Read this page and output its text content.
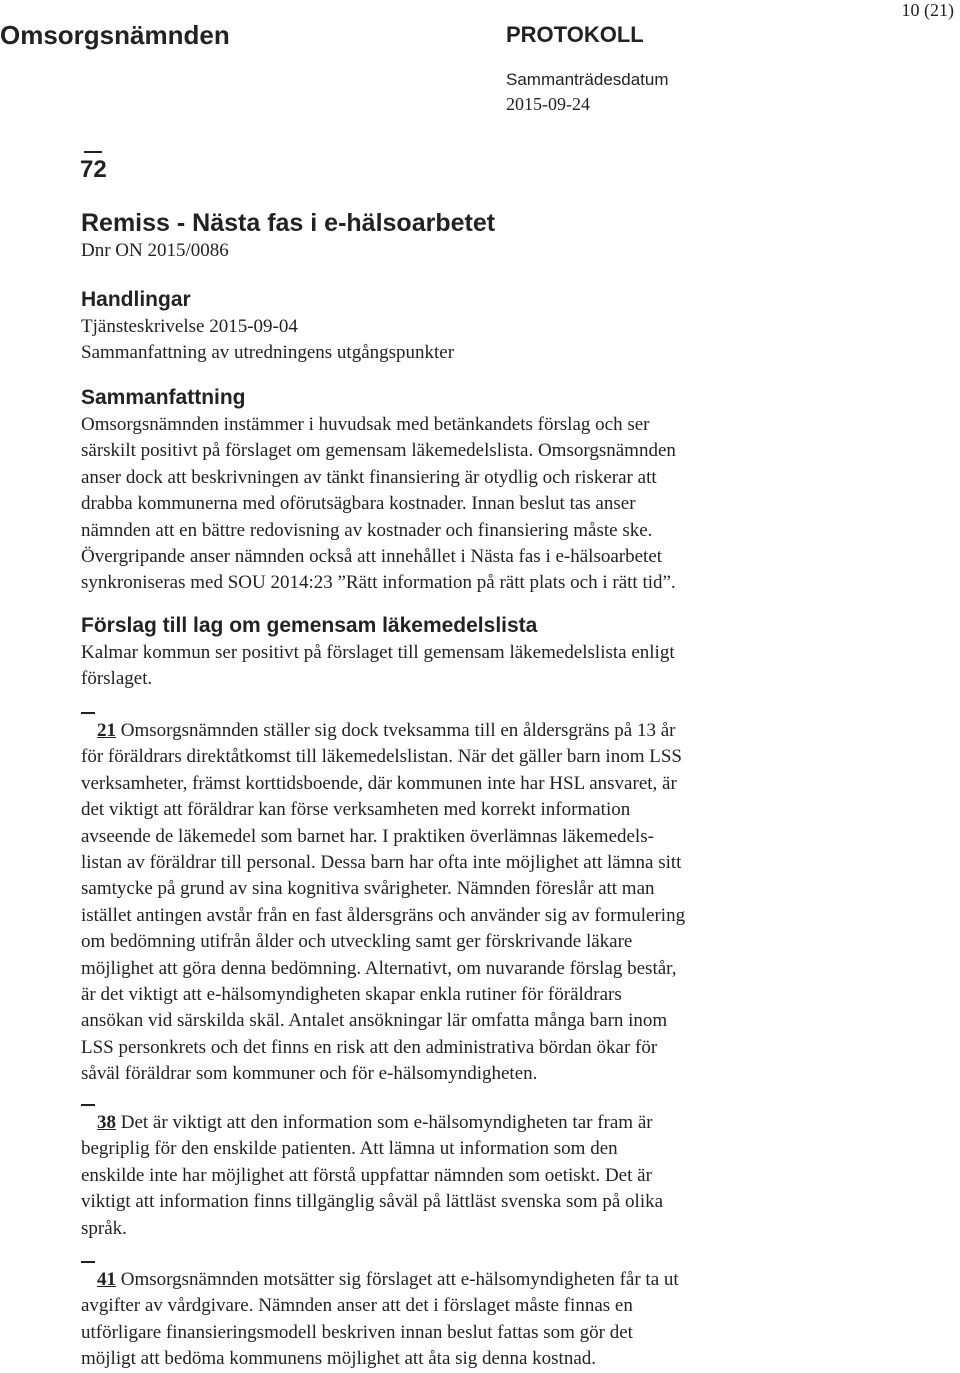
Omsorgsnämnden	PROTOKOLL
Sammanträdesdatum
2015-09-24
10 (21)
72
Remiss - Nästa fas i e-hälsoarbetet
Dnr ON 2015/0086
Handlingar
Tjänsteskrivelse 2015-09-04
Sammanfattning av utredningens utgångspunkter
Sammanfattning
Omsorgsnämnden instämmer i huvudsak med betänkandets förslag och ser
särskilt positivt på förslaget om gemensam läkemedelslista. Omsorgsnämnden
anser dock att beskrivningen av tänkt finansiering är otydlig och riskerar att
drabba kommunerna med oförutsägbara kostnader. Innan beslut tas anser
nämnden att en bättre redovisning av kostnader och finansiering måste ske.
Övergripande anser nämnden också att innehållet i Nästa fas i e-hälsoarbetet
synkroniseras med SOU 2014:23 ”Rätt information på rätt plats och i rätt tid”.
Förslag till lag om gemensam läkemedelslista
Kalmar kommun ser positivt på förslaget till gemensam läkemedelslista enligt
förslaget.
21 Omsorgsnämnden ställer sig dock tveksamma till en åldersgräns på 13 år
för föräldrars direktåtkomst till läkemedelslistan. När det gäller barn inom LSS
verksamheter, främst korttidsboende, där kommunen inte har HSL ansvaret, är
det viktigt att föräldrar kan förse verksamheten med korrekt information
avseende de läkemedel som barnet har. I praktiken överlämnas läkemedels-
listan av föräldrar till personal. Dessa barn har ofta inte möjlighet att lämna sitt
samtycke på grund av sina kognitiva svårigheter. Nämnden föreslår att man
istället antingen avstår från en fast åldersgräns och använder sig av formulering
om bedömning utifrån ålder och utveckling samt ger förskrivande läkare
möjlighet att göra denna bedömning. Alternativt, om nuvarande förslag består,
är det viktigt att e-hälsomyndigheten skapar enkla rutiner för föräldrars
ansökan vid särskilda skäl. Antalet ansökningar lär omfatta många barn inom
LSS personkrets och det finns en risk att den administrativa bördan ökar för
såväl föräldrar som kommuner och för e-hälsomyndigheten.
38 Det är viktigt att den information som e-hälsomyndigheten tar fram är
begriplig för den enskilde patienten. Att lämna ut information som den
enskilde inte har möjlighet att förstå uppfattar nämnden som oetiskt. Det är
viktigt att information finns tillgänglig såväl på lättläst svenska som på olika
språk.
41 Omsorgsnämnden motsätter sig förslaget att e-hälsomyndigheten får ta ut
avgifter av vårdgivare. Nämnden anser att det i förslaget måste finnas en
utförligare finansieringsmodell beskriven innan beslut fattas som gör det
möjligt att bedöma kommunens möjlighet att åta sig denna kostnad.
